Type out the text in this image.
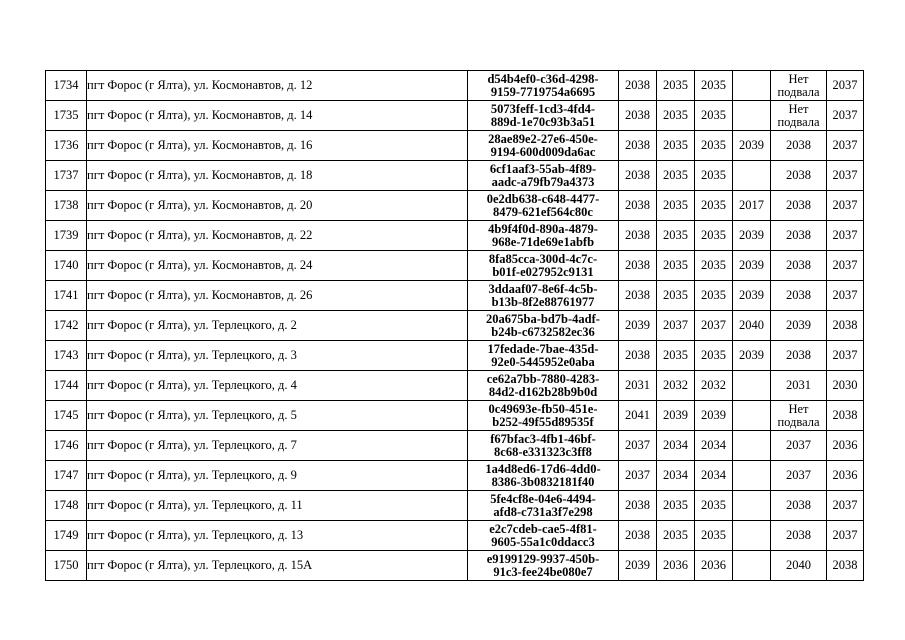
1734	пгт Форос (г Ялта), ул. Космонавтов, д. 12	d54b4ef0-c36d-4298-
9159-7719754a6695	2038	2035	2035		Нет подвала	2037
1735	пгт Форос (г Ялта), ул. Космонавтов, д. 14	5073feff-1cd3-4fd4-
889d-1e70c93b3a51	2038	2035	2035		Нет подвала	2037
1736	пгт Форос (г Ялта), ул. Космонавтов, д. 16	28ae89e2-27e6-450e-
9194-600d009da6ac	2038	2035	2035	2039	2038	2037
1737	пгт Форос (г Ялта), ул. Космонавтов, д. 18	6cf1aaf3-55ab-4f89-
aadc-a79fb79a4373	2038	2035	2035		2038	2037
1738	пгт Форос (г Ялта), ул. Космонавтов, д. 20	0e2db638-c648-4477-
8479-621ef564c80c	2038	2035	2035	2017	2038	2037
1739	пгт Форос (г Ялта), ул. Космонавтов, д. 22	4b9f4f0d-890a-4879-
968e-71de69e1abfb	2038	2035	2035	2039	2038	2037
1740	пгт Форос (г Ялта), ул. Космонавтов, д. 24	8fa85cca-300d-4c7c-
b01f-e027952c9131	2038	2035	2035	2039	2038	2037
1741	пгт Форос (г Ялта), ул. Космонавтов, д. 26	3ddaaf07-8e6f-4c5b-
b13b-8f2e88761977	2038	2035	2035	2039	2038	2037
1742	пгт Форос (г Ялта), ул. Терлецкого, д. 2	20a675ba-bd7b-4adf-
b24b-c6732582ec36	2039	2037	2037	2040	2039	2038
1743	пгт Форос (г Ялта), ул. Терлецкого, д. 3	17fedade-7bae-435d-
92e0-5445952e0aba	2038	2035	2035	2039	2038	2037
1744	пгт Форос (г Ялта), ул. Терлецкого, д. 4	ce62a7bb-7880-4283-
84d2-d162b28b9b0d	2031	2032	2032		2031	2030
1745	пгт Форос (г Ялта), ул. Терлецкого, д. 5	0c49693e-fb50-451e-
b252-49f55d89535f	2041	2039	2039		Нет подвала	2038
1746	пгт Форос (г Ялта), ул. Терлецкого, д. 7	f67bfac3-4fb1-46bf-
8c68-e331323c3ff8	2037	2034	2034		2037	2036
1747	пгт Форос (г Ялта), ул. Терлецкого, д. 9	1a4d8ed6-17d6-4dd0-
8386-3b0832181f40	2037	2034	2034		2037	2036
1748	пгт Форос (г Ялта), ул. Терлецкого, д. 11	5fe4cf8e-04e6-4494-
afd8-c731a3f7e298	2038	2035	2035		2038	2037
1749	пгт Форос (г Ялта), ул. Терлецкого, д. 13	e2c7cdeb-cae5-4f81-
9605-55a1c0ddacc3	2038	2035	2035		2038	2037
1750	пгт Форос (г Ялта), ул. Терлецкого, д. 15А	e9199129-9937-450b-
91c3-fee24be080e7	2039	2036	2036		2040	2038
